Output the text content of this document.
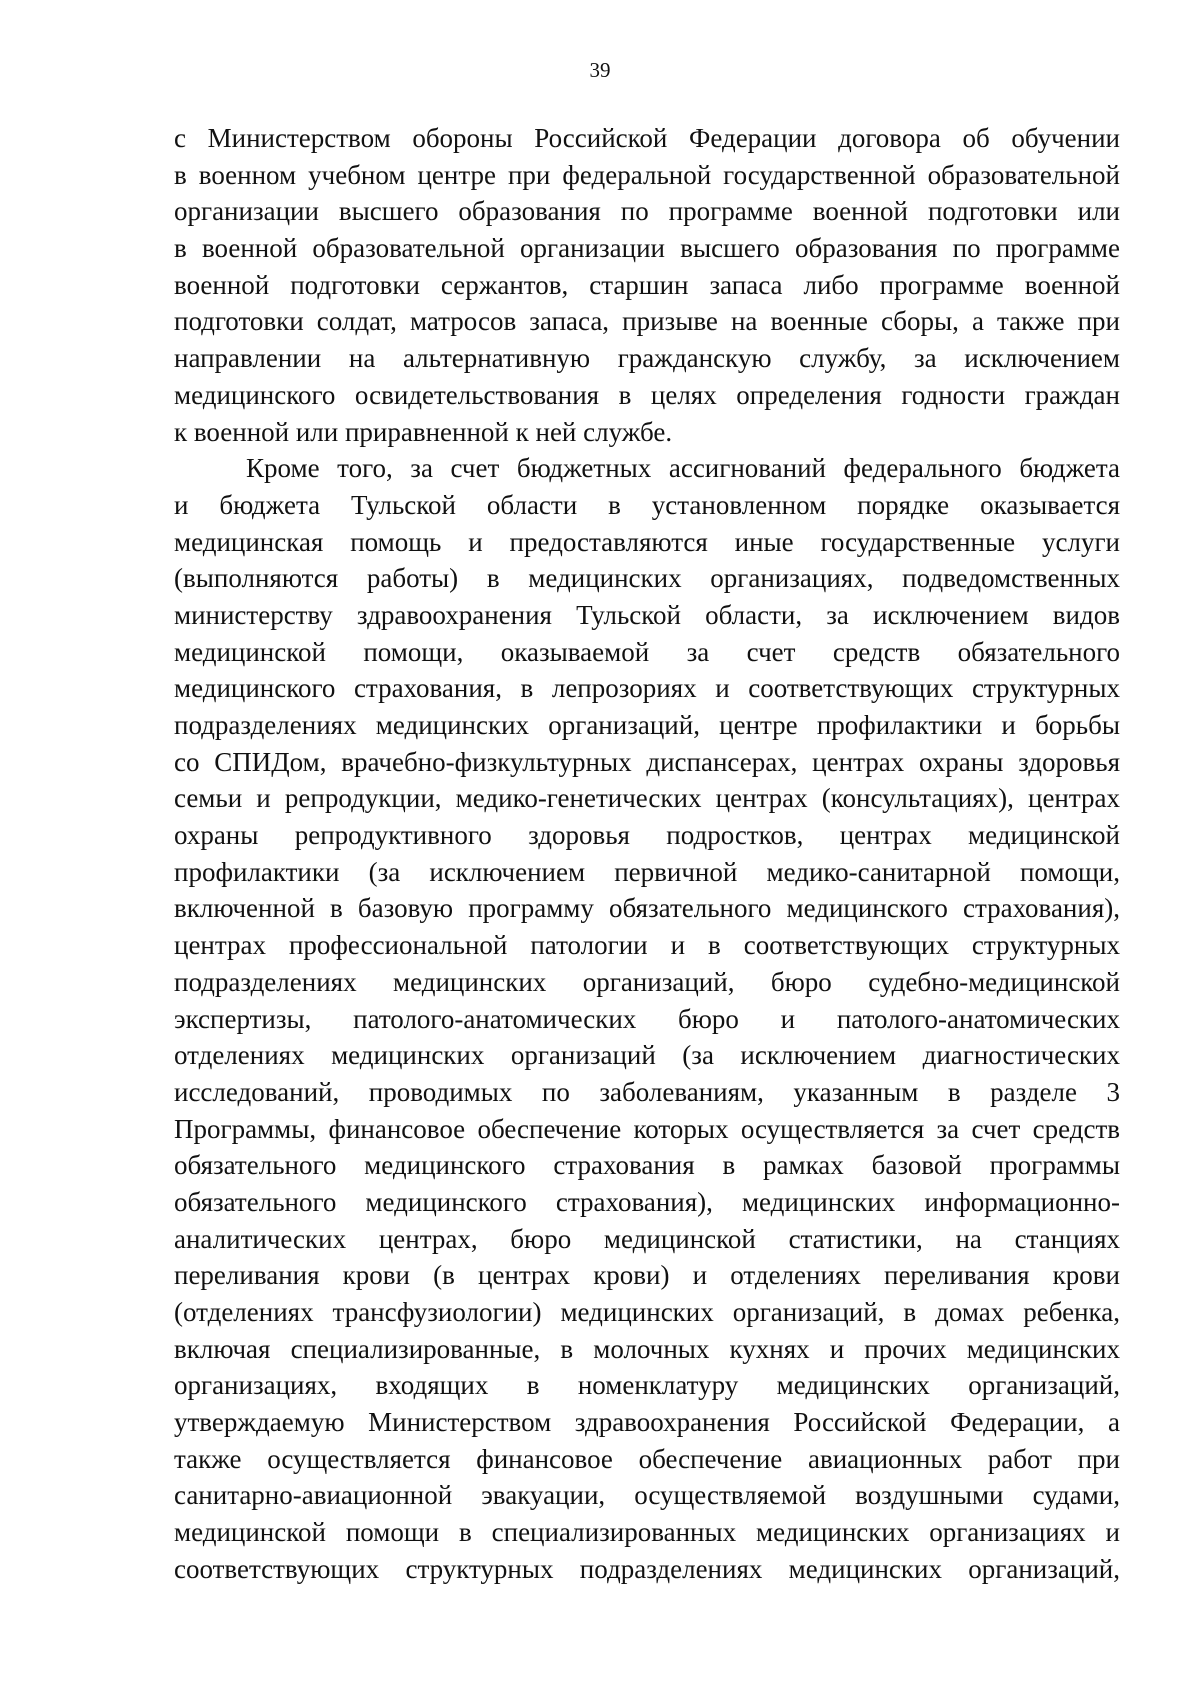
39
с Министерством обороны Российской Федерации договора об обучении
в военном учебном центре при федеральной государственной образовательной
организации высшего образования по программе военной подготовки или
в военной образовательной организации высшего образования по программе
военной подготовки сержантов, старшин запаса либо программе военной
подготовки солдат, матросов запаса, призыве на военные сборы, а также при
направлении на альтернативную гражданскую службу, за исключением
медицинского освидетельствования в целях определения годности граждан
к военной или приравненной к ней службе.
Кроме того, за счет бюджетных ассигнований федерального бюджета
и бюджета Тульской области в установленном порядке оказывается
медицинская помощь и предоставляются иные государственные услуги
(выполняются работы) в медицинских организациях, подведомственных
министерству здравоохранения Тульской области, за исключением видов
медицинской помощи, оказываемой за счет средств обязательного
медицинского страхования, в лепрозориях и соответствующих структурных
подразделениях медицинских организаций, центре профилактики и борьбы
со СПИДом, врачебно-физкультурных диспансерах, центрах охраны здоровья
семьи и репродукции, медико-генетических центрах (консультациях), центрах
охраны репродуктивного здоровья подростков, центрах медицинской
профилактики (за исключением первичной медико-санитарной помощи,
включенной в базовую программу обязательного медицинского страхования),
центрах профессиональной патологии и в соответствующих структурных
подразделениях медицинских организаций, бюро судебно-медицинской
экспертизы, патолого-анатомических бюро и патолого-анатомических
отделениях медицинских организаций (за исключением диагностических
исследований, проводимых по заболеваниям, указанным в разделе 3
Программы, финансовое обеспечение которых осуществляется за счет средств
обязательного медицинского страхования в рамках базовой программы
обязательного медицинского страхования), медицинских информационно-
аналитических центрах, бюро медицинской статистики, на станциях
переливания крови (в центрах крови) и отделениях переливания крови
(отделениях трансфузиологии) медицинских организаций, в домах ребенка,
включая специализированные, в молочных кухнях и прочих медицинских
организациях, входящих в номенклатуру медицинских организаций,
утверждаемую Министерством здравоохранения Российской Федерации, а
также осуществляется финансовое обеспечение авиационных работ при
санитарно-авиационной эвакуации, осуществляемой воздушными судами,
медицинской помощи в специализированных медицинских организациях и
соответствующих структурных подразделениях медицинских организаций,
